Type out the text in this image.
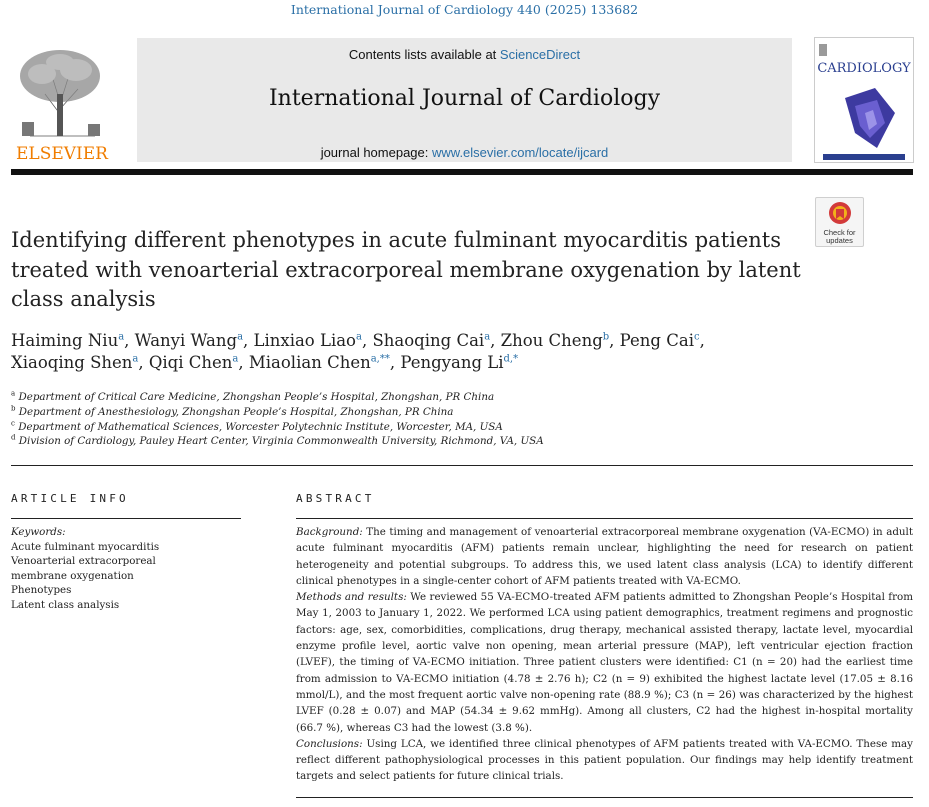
International Journal of Cardiology 440 (2025) 133682
ELSEVIER
Contents lists available at ScienceDirect
International Journal of Cardiology
journal homepage: www.elsevier.com/locate/ijcard
CARDIOLOGY
Check for
updates
Identifying different phenotypes in acute fulminant myocarditis patients treated with venoarterial extracorporeal membrane oxygenation by latent class analysis
Haiming Niu$^a$, Wanyi Wang$^a$, Linxiao Liao$^a$, Shaoqing Cai$^a$, Zhou Cheng$^b$, Peng Cai$^c$,
Xiaoqing Shen$^a$, Qiqi Chen$^a$, Miaolian Chen$^{a,**}$, Pengyang $Li^{d,*}$
$^a$ Department of Critical Care Medicine, Zhongshan People’s Hospital, Zhongshan, PR China
$^b$ Department of Anesthesiology, Zhongshan People’s Hospital, Zhongshan, PR China
$^c$ Department of Mathematical Sciences, Worcester Polytechnic Institute, Worcester, MA, USA
$^d$ Division of Cardiology, Pauley Heart Center, Virginia Commonwealth University, Richmond, VA, USA
ARTICLE INFO	ABSTRACT
Keywords:
Acute fulminant myocarditis
Venoarterial extracorporeal membrane oxygenation
Phenotypes
Latent class analysis

Background: The timing and management of venoarterial extracorporeal membrane oxygenation (VA-ECMO) in adult acute fulminant myocarditis (AFM) patients remain unclear, highlighting the need for research on patient heterogeneity and potential subgroups. To address this, we used latent class analysis (LCA) to identify different clinical phenotypes in a single-center cohort of AFM patients treated with VA-ECMO.

Methods and results: We reviewed 55 VA-ECMO-treated AFM patients admitted to Zhongshan People’s Hospital from May 1, 2003 to January 1, 2022. We performed LCA using patient demographics, treatment regimens and prognostic factors: age, sex, comorbidities, complications, drug therapy, mechanical assisted therapy, lactate level, myocardial enzyme profile level, aortic valve non opening, mean arterial pressure (MAP), left ventricular ejection fraction (LVEF), the timing of VA-ECMO initiation. Three patient clusters were identified: C1 (n = 20) had the earliest time from admission to VA-ECMO initiation (4.78 ± 2.76 h); C2 (n = 9) exhibited the highest lactate level (17.05 ± 8.16 mmol/L), and the most frequent aortic valve non-opening rate (88.9 %); C3 (n = 26) was characterized by the highest LVEF (0.28 ± 0.07) and MAP (54.34 ± 9.62 mmHg). Among all clusters, C2 had the highest in-hospital mortality (66.7 %), whereas C3 had the lowest (3.8 %).

Conclusions: Using LCA, we identified three clinical phenotypes of AFM patients treated with VA-ECMO. These may reflect different pathophysiological processes in this patient population. Our findings may help identify treatment targets and select patients for future clinical trials.
